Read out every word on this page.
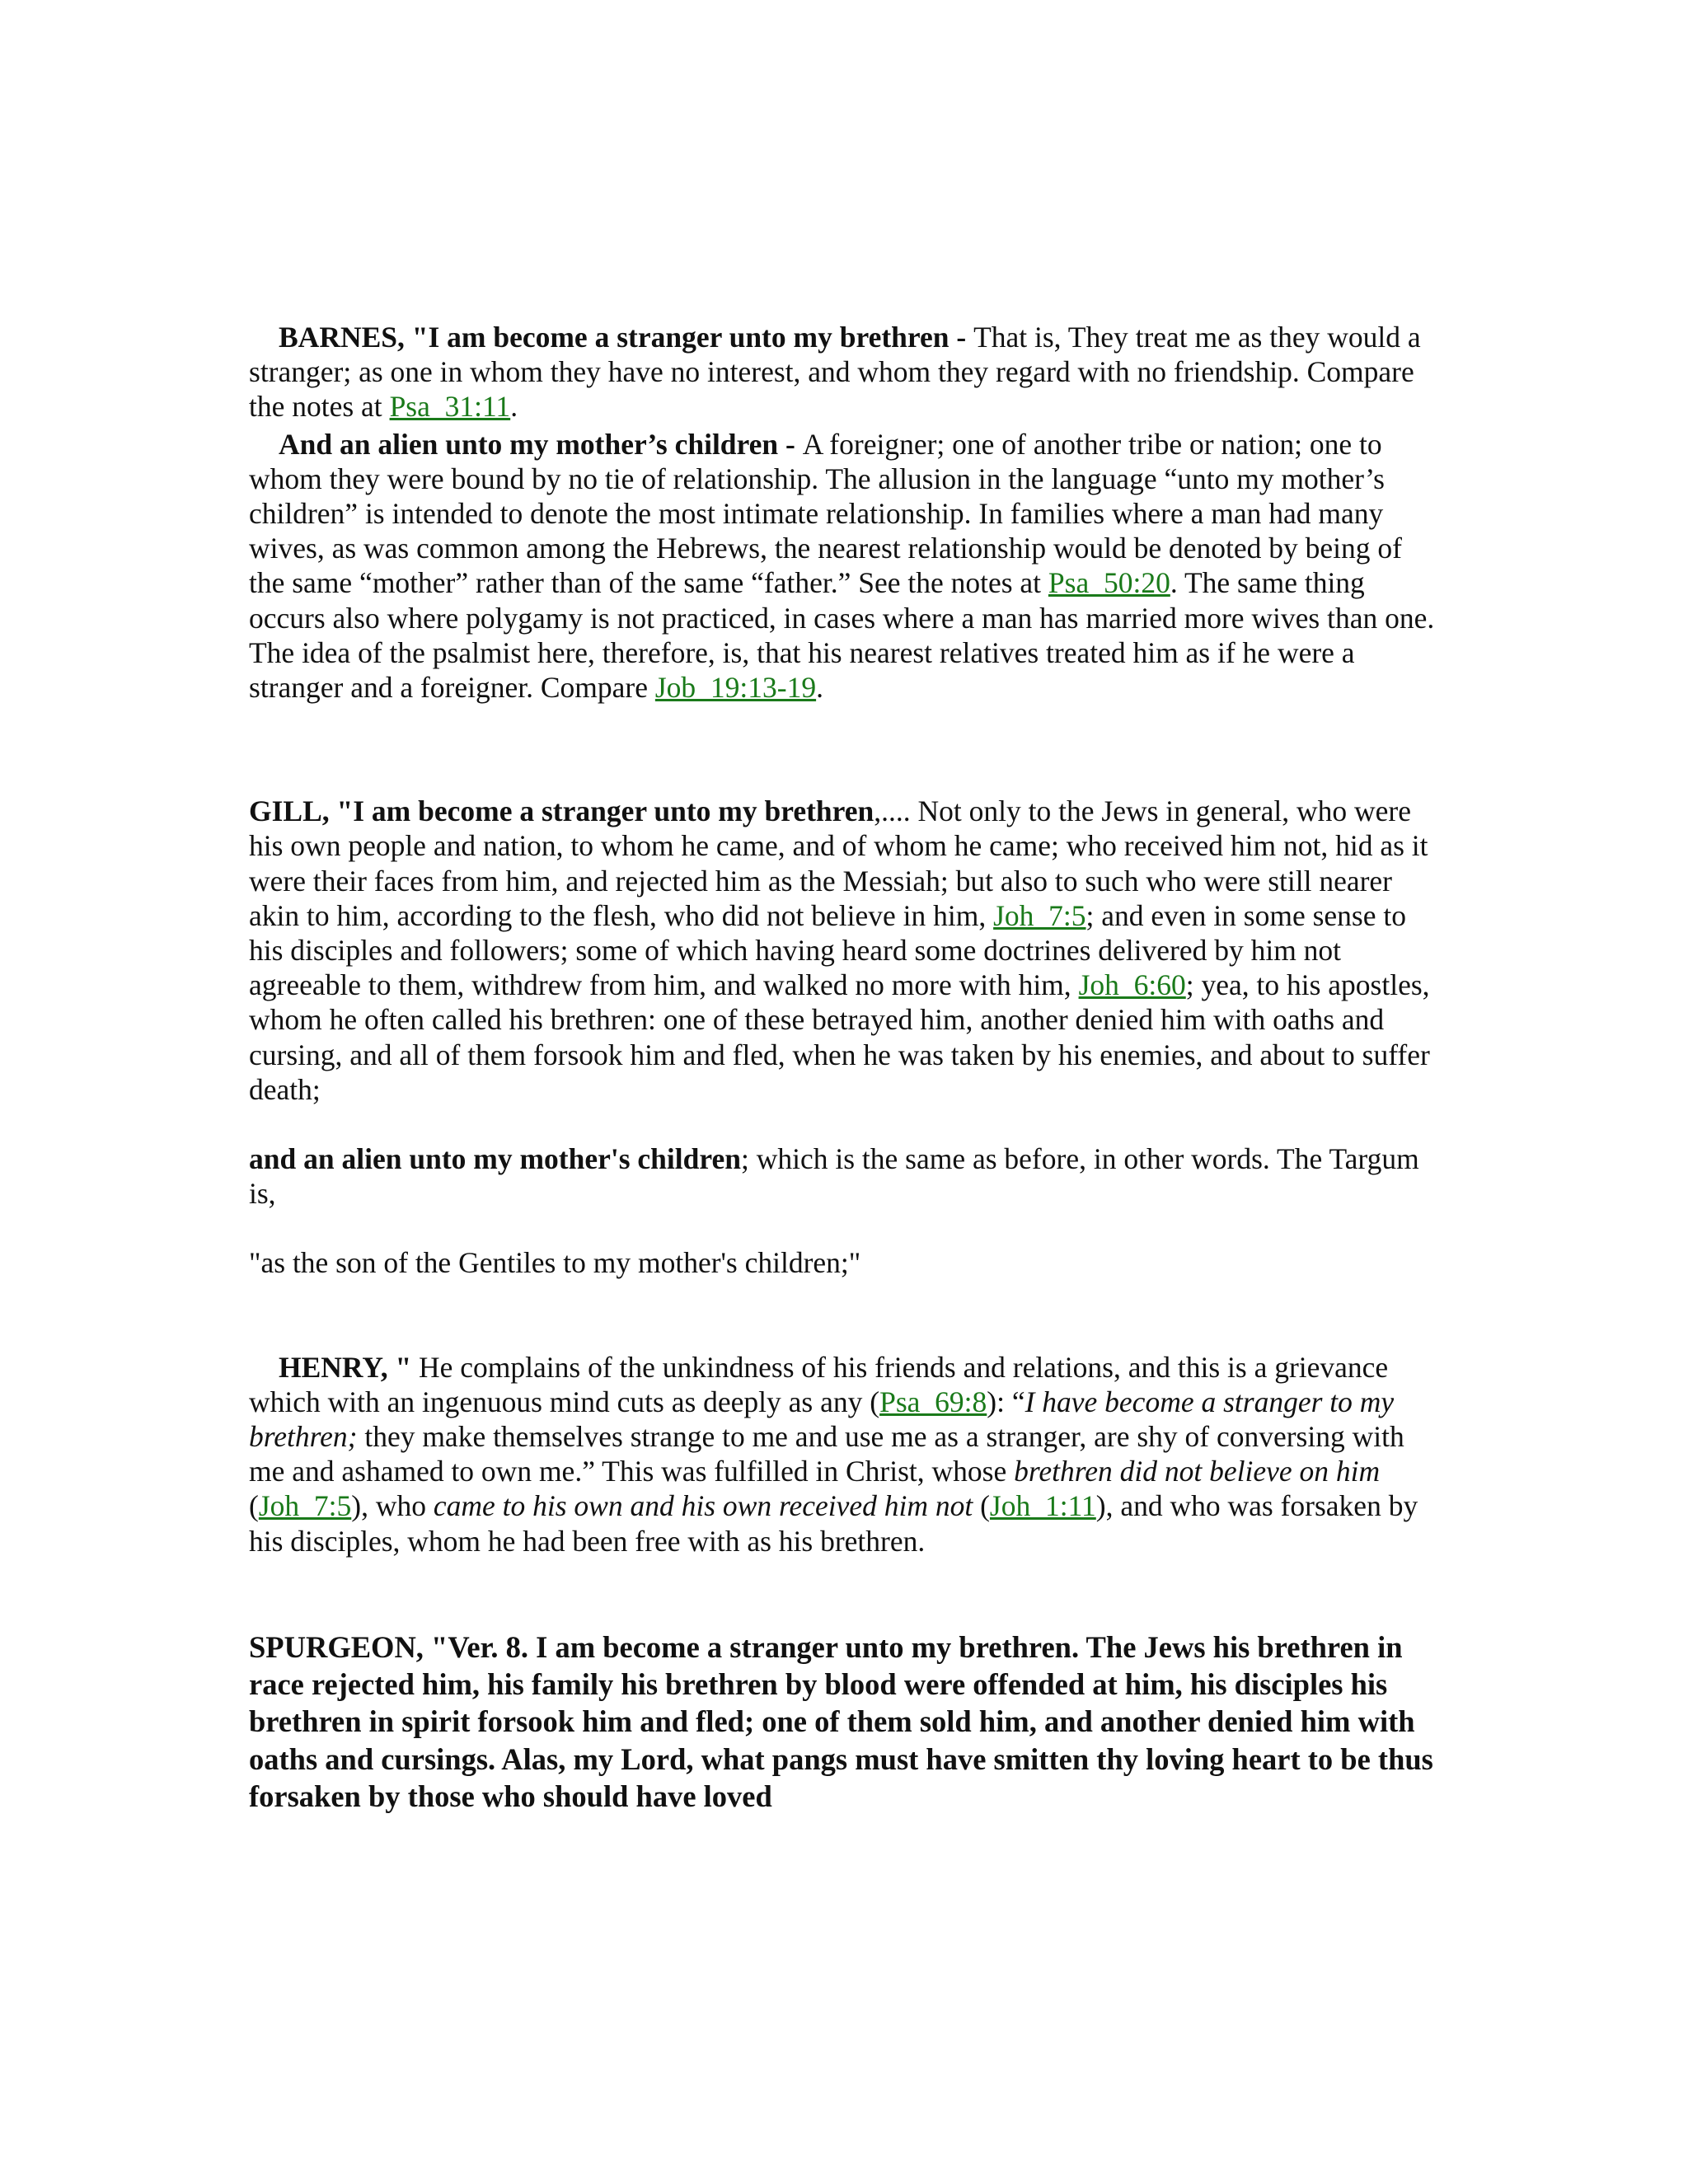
BARNES, "I am become a stranger unto my brethren - That is, They treat me as they would a stranger; as one in whom they have no interest, and whom they regard with no friendship. Compare the notes at Psa_31:11.

And an alien unto my mother’s children - A foreigner; one of another tribe or nation; one to whom they were bound by no tie of relationship. The allusion in the language “unto my mother’s children” is intended to denote the most intimate relationship. In families where a man had many wives, as was common among the Hebrews, the nearest relationship would be denoted by being of the same “mother” rather than of the same “father.” See the notes at Psa_50:20. The same thing occurs also where polygamy is not practiced, in cases where a man has married more wives than one. The idea of the psalmist here, therefore, is, that his nearest relatives treated him as if he were a stranger and a foreigner. Compare Job_19:13-19.

GILL, "I am become a stranger unto my brethren,.... Not only to the Jews in general, who were his own people and nation, to whom he came, and of whom he came; who received him not, hid as it were their faces from him, and rejected him as the Messiah; but also to such who were still nearer akin to him, according to the flesh, who did not believe in him, Joh_7:5; and even in some sense to his disciples and followers; some of which having heard some doctrines delivered by him not agreeable to them, withdrew from him, and walked no more with him, Joh_6:60; yea, to his apostles, whom he often called his brethren: one of these betrayed him, another denied him with oaths and cursing, and all of them forsook him and fled, when he was taken by his enemies, and about to suffer death;

and an alien unto my mother's children; which is the same as before, in other words. The Targum is,

"as the son of the Gentiles to my mother's children;"

HENRY, " He complains of the unkindness of his friends and relations, and this is a grievance which with an ingenuous mind cuts as deeply as any (Psa_69:8): “I have become a stranger to my brethren; they make themselves strange to me and use me as a stranger, are shy of conversing with me and ashamed to own me.” This was fulfilled in Christ, whose brethren did not believe on him (Joh_7:5), who came to his own and his own received him not (Joh_1:11), and who was forsaken by his disciples, whom he had been free with as his brethren.

SPURGEON, "Ver. 8. I am become a stranger unto my brethren. The Jews his brethren in race rejected him, his family his brethren by blood were offended at him, his disciples his brethren in spirit forsook him and fled; one of them sold him, and another denied him with oaths and cursings. Alas, my Lord, what pangs must have smitten thy loving heart to be thus forsaken by those who should have loved
